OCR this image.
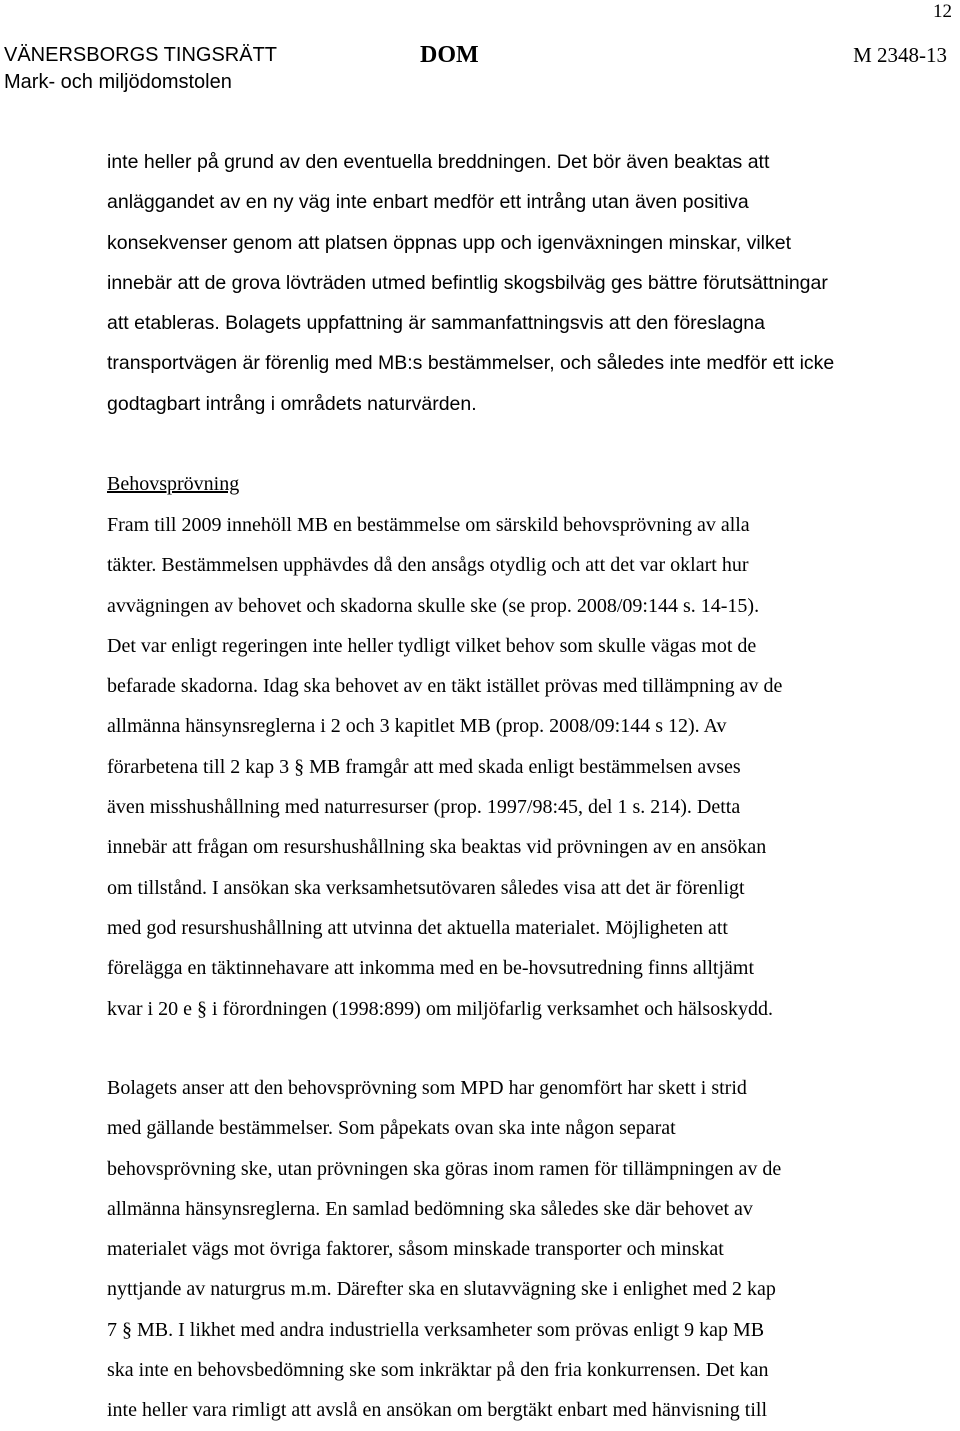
12
VÄNERSBORGS TINGSRÄTT
Mark- och miljödomstolen
DOM	M 2348-13
inte heller på grund av den eventuella breddningen. Det bör även beaktas att
anläggandet av en ny väg inte enbart medför ett intrång utan även positiva
konsekvenser genom att platsen öppnas upp och igenväxningen minskar, vilket
innebär att de grova lövträden utmed befintlig skogsbilväg ges bättre förutsättningar
att etableras. Bolagets uppfattning är sammanfattningsvis att den föreslagna
transportvägen är förenlig med MB:s bestämmelser, och således inte medför ett icke
godtagbart intrång i områdets naturvärden.
Behovsprövning
Fram till 2009 innehöll MB en bestämmelse om särskild behovsprövning av alla
täkter. Bestämmelsen upphävdes då den ansågs otydlig och att det var oklart hur
avvägningen av behovet och skadorna skulle ske (se prop. 2008/09:144 s. 14-15).
Det var enligt regeringen inte heller tydligt vilket behov som skulle vägas mot de
befarade skadorna. Idag ska behovet av en täkt istället prövas med tillämpning av de
allmänna hänsynsreglerna i 2 och 3 kapitlet MB (prop. 2008/09:144 s 12). Av
förarbetena till 2 kap 3 § MB framgår att med skada enligt bestämmelsen avses
även misshushållning med naturresurser (prop. 1997/98:45, del 1 s. 214). Detta
innebär att frågan om resurshushållning ska beaktas vid prövningen av en ansökan
om tillstånd. I ansökan ska verksamhetsutövaren således visa att det är förenligt
med god resurshushållning att utvinna det aktuella materialet. Möjligheten att
förelägga en täktinnehavare att inkomma med en be-hovsutredning finns alltjämt
kvar i 20 e § i förordningen (1998:899) om miljöfarlig verksamhet och hälsoskydd.
Bolagets anser att den behovsprövning som MPD har genomfört har skett i strid
med gällande bestämmelser. Som påpekats ovan ska inte någon separat
behovsprövning ske, utan prövningen ska göras inom ramen för tillämpningen av de
allmänna hänsynsreglerna. En samlad bedömning ska således ske där behovet av
materialet vägs mot övriga faktorer, såsom minskade transporter och minskat
nyttjande av naturgrus m.m. Därefter ska en slutavvägning ske i enlighet med 2 kap
7 § MB. I likhet med andra industriella verksamheter som prövas enligt 9 kap MB
ska inte en behovsbedömning ske som inkräktar på den fria konkurrensen. Det kan
inte heller vara rimligt att avslå en ansökan om bergtäkt enbart med hänvisning till
